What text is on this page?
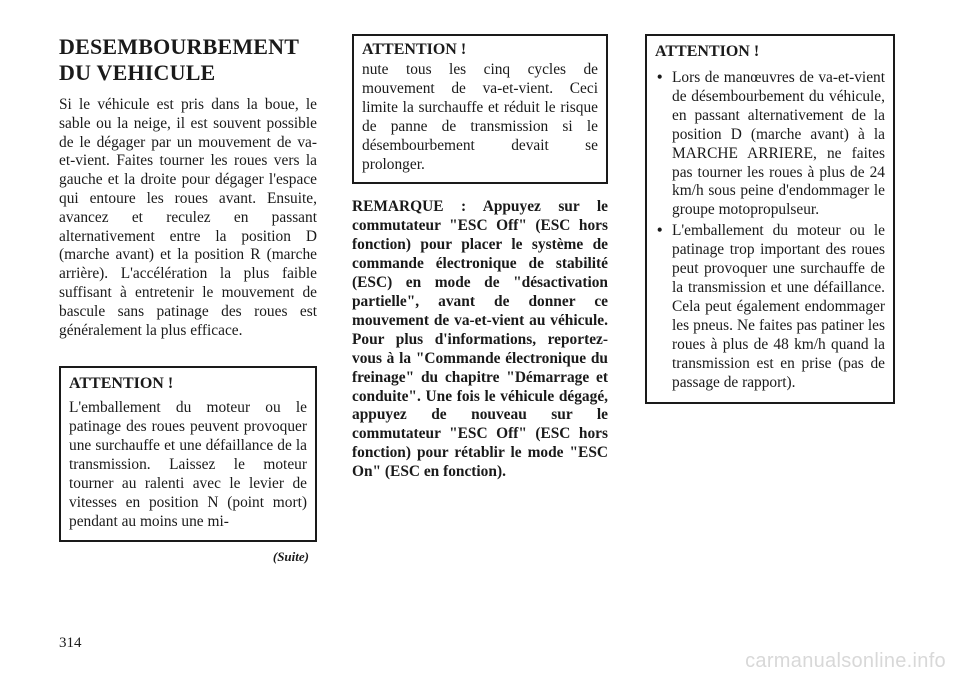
DESEMBOURBEMENT
DU VEHICULE

Si le véhicule est pris dans la boue, le sable ou la neige, il est souvent possible de le dégager par un mouvement de va-et-vient. Faites tourner les roues vers la gauche et la droite pour dégager l'espace qui entoure les roues avant. Ensuite, avancez et reculez en passant alternativement entre la position D (marche avant) et la position R (marche arrière). L'accélération la plus faible suffisant à entretenir le mouvement de bascule sans patinage des roues est généralement la plus efficace.

ATTENTION !

L'emballement du moteur ou le patinage des roues peuvent provoquer une surchauffe et une défaillance de la transmission. Laissez le moteur tourner au ralenti avec le levier de vitesses en position N (point mort) pendant au moins une mi-

(Suite)
ATTENTION !

nute tous les cinq cycles de mouvement de va-et-vient. Ceci limite la surchauffe et réduit le risque de panne de transmission si le désembourbement devait se prolonger.

REMARQUE : Appuyez sur le commutateur "ESC Off" (ESC hors fonction) pour placer le système de commande électronique de stabilité (ESC) en mode de "désactivation partielle", avant de donner ce mouvement de va-et-vient au véhicule. Pour plus d'informations, reportez-vous à la "Commande électronique du freinage" du chapitre "Démarrage et conduite". Une fois le véhicule dégagé, appuyez de nouveau sur le commutateur "ESC Off" (ESC hors fonction) pour rétablir le mode "ESC On" (ESC en fonction).

ATTENTION !
• Lors de manœuvres de va-et-vient de désembourbement du véhicule, en passant alternativement de la position D (marche avant) à la MARCHE ARRIERE, ne faites pas tourner les roues à plus de 24 km/h sous peine d'endommager le groupe motopropulseur.
• L'emballement du moteur ou le patinage trop important des roues peut provoquer une surchauffe de la transmission et une défaillance. Cela peut également endommager les pneus. Ne faites pas patiner les roues à plus de 48 km/h quand la transmission est en prise (pas de passage de rapport).
314
carmanualsonline.info
